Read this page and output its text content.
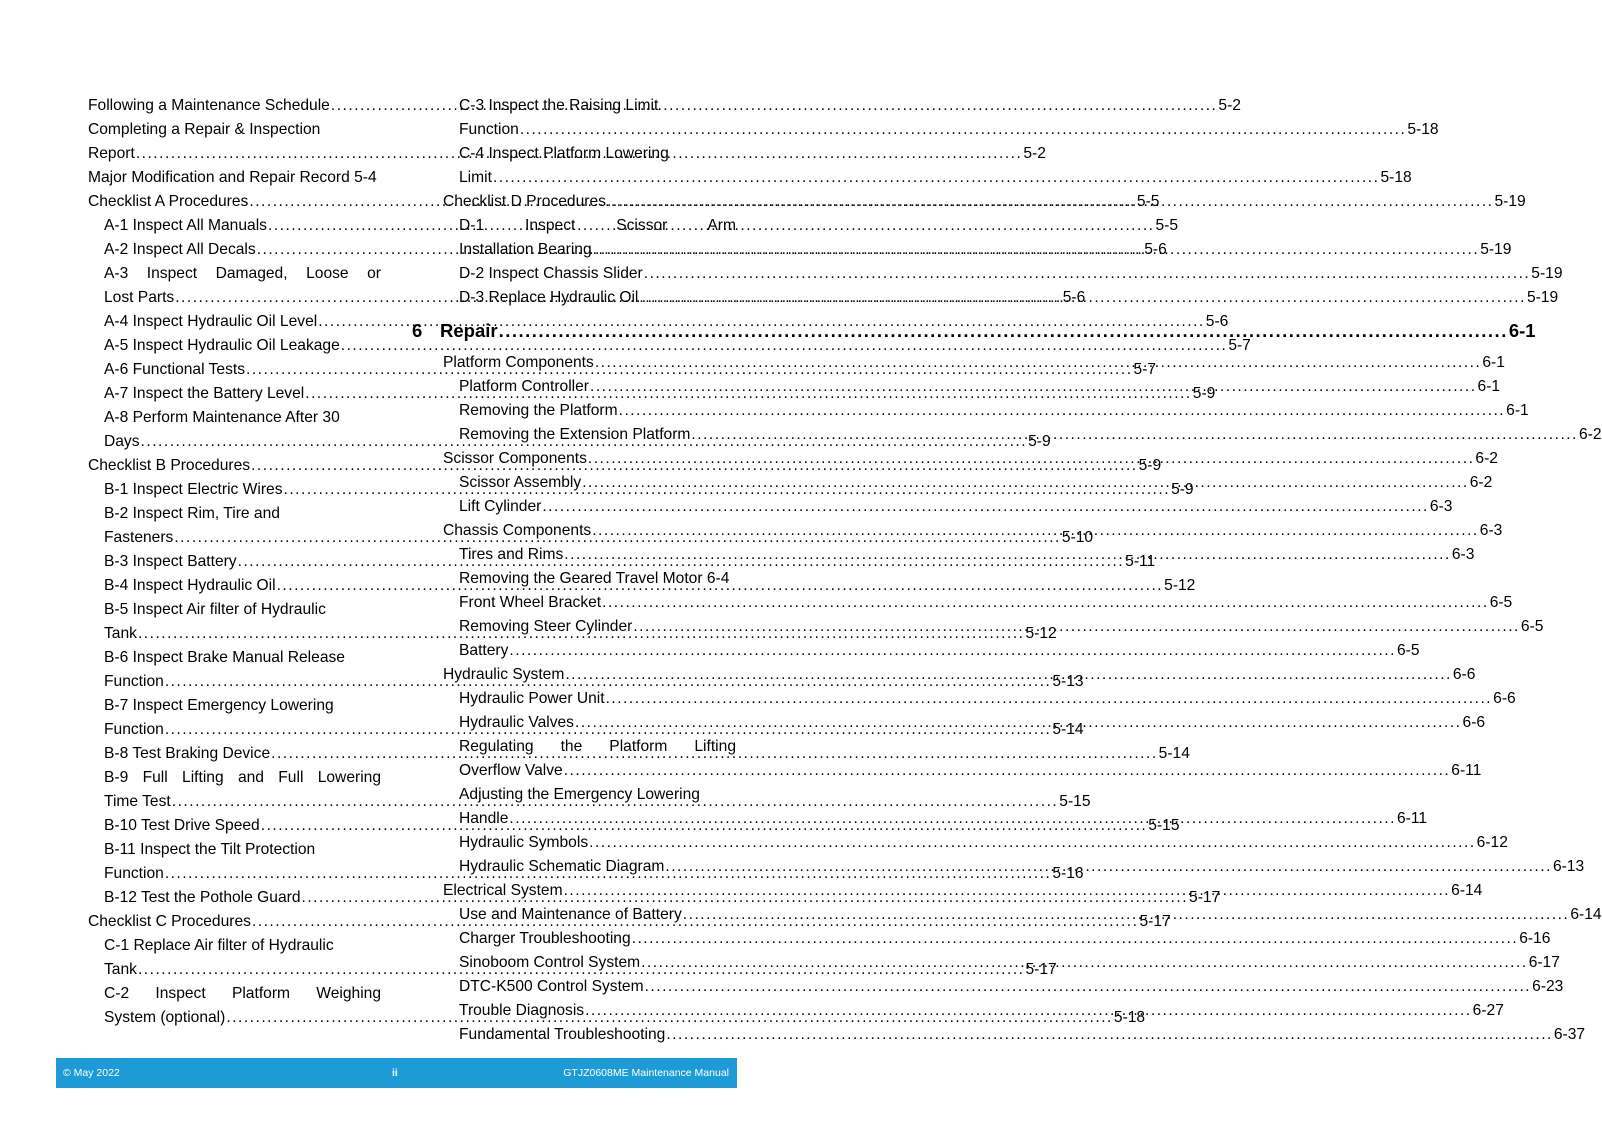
Following a Maintenance Schedule .....	5-2
Completing a Repair & Inspection
Report .....	5-2
Major Modification and Repair Record 5-4
Checklist A Procedures .....	5-5
A-1 Inspect All Manuals .....	5-5
A-2 Inspect All Decals .....	5-6
A-3 Inspect Damaged, Loose or
Lost Parts .....	5-6
A-4 Inspect Hydraulic Oil Level .....	5-6
A-5 Inspect Hydraulic Oil Leakage .....	5-7
A-6 Functional Tests .....	5-7
A-7 Inspect the Battery Level .....	5-9
A-8 Perform Maintenance After 30
Days .....	5-9
Checklist B Procedures .....	5-9
B-1 Inspect Electric Wires .....	5-9
B-2 Inspect Rim, Tire and
Fasteners .....	5-10
B-3 Inspect Battery .....	5-11
B-4 Inspect Hydraulic Oil .....	5-12
B-5 Inspect Air filter of Hydraulic
Tank .....	5-12
B-6 Inspect Brake Manual Release
Function .....	5-13
B-7 Inspect Emergency Lowering
Function .....	5-14
B-8 Test Braking Device .....	5-14
B-9 Full Lifting and Full Lowering
Time Test .....	5-15
B-10 Test Drive Speed .....	5-15
B-11 Inspect the Tilt Protection
Function .....	5-16
B-12 Test the Pothole Guard .....	5-17
Checklist C Procedures .....	5-17
C-1 Replace Air filter of Hydraulic
Tank .....	5-17
C-2 Inspect Platform Weighing
System (optional) .....	5-18
C-3 Inspect the Raising Limit
Function .....	5-18
C-4 Inspect Platform Lowering
Limit .....	5-18
Checklist D Procedures .....	5-19
D-1 Inspect Scissor Arm
Installation Bearing .....	5-19
D-2 Inspect Chassis Slider .....	5-19
D-3 Replace Hydraulic Oil .....	5-19
6 Repair .....	6-1
Platform Components .....	6-1
Platform Controller .....	6-1
Removing the Platform .....	6-1
Removing the Extension Platform .....	6-2
Scissor Components .....	6-2
Scissor Assembly .....	6-2
Lift Cylinder .....	6-3
Chassis Components .....	6-3
Tires and Rims .....	6-3
Removing the Geared Travel Motor 6-4
Front Wheel Bracket .....	6-5
Removing Steer Cylinder .....	6-5
Battery .....	6-5
Hydraulic System .....	6-6
Hydraulic Power Unit .....	6-6
Hydraulic Valves .....	6-6
Regulating the Platform Lifting
Overflow Valve .....	6-11
Adjusting the Emergency Lowering
Handle .....	6-11
Hydraulic Symbols .....	6-12
Hydraulic Schematic Diagram .....	6-13
Electrical System .....	6-14
Use and Maintenance of Battery .....	6-14
Charger Troubleshooting .....	6-16
Sinoboom Control System .....	6-17
DTC-K500 Control System .....	6-23
Trouble Diagnosis .....	6-27
Fundamental Troubleshooting .....	6-37
© May 2022	ii	GTJZ0608ME Maintenance Manual
